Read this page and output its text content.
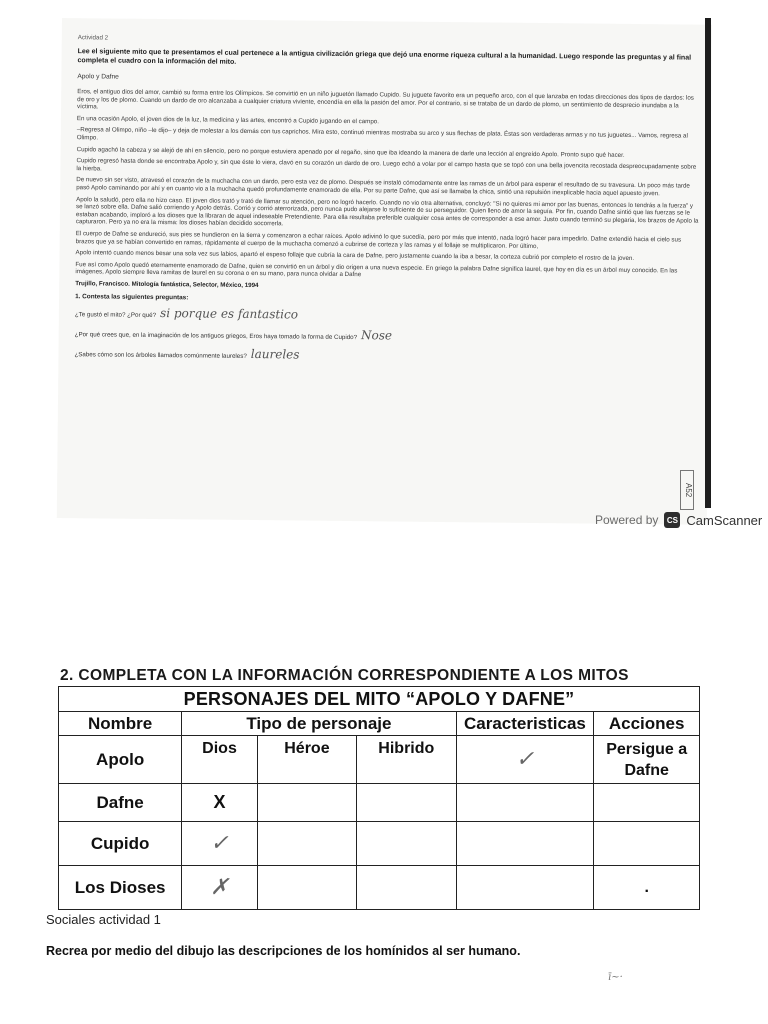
Actividad 2
Lee el siguiente mito que te presentamos el cual pertenece a la antigua civilización griega que dejó una enorme riqueza cultural a la humanidad. Luego responde las preguntas y al final completa el cuadro con la información del mito.
Apolo y Dafne

Eros, el antiguo dios del amor, cambió su forma entre los Olímpicos. Se convirtió en un niño juguetón llamado Cupido. Su juguete favorito era un pequeño arco, con el que lanzaba en todas direcciones dos tipos de dardos: los de oro y los de plomo. Cuando un dardo de oro alcanzaba a cualquier criatura viviente, encendía en ella la pasión del amor. Por el contrario, si se trataba de un dardo de plomo, un sentimiento de desprecio inundaba a la víctima.

En una ocasión Apolo, el joven dios de la luz, la medicina y las artes, encontró a Cupido jugando en el campo.

–Regresa al Olimpo, niño –le dijo– y deja de molestar a los demás con tus caprichos. Mira esto, continuó mientras mostraba su arco y sus flechas de plata. Éstas son verdaderas armas y no tus juguetes... Vamos, regresa al Olimpo.

Cupido agachó la cabeza y se alejó de ahí en silencio, pero no porque estuviera apenado por el regaño, sino que iba ideando la manera de darle una lección al engreído Apolo. Pronto supo qué hacer.

Cupido regresó hasta donde se encontraba Apolo y, sin que éste lo viera, clavó en su corazón un dardo de oro. Luego echó a volar por el campo hasta que se topó con una bella jovencita recostada despreocupadamente sobre la hierba.

De nuevo sin ser visto, atravesó el corazón de la muchacha con un dardo, pero esta vez de plomo. Después se instaló cómodamente entre las ramas de un árbol para esperar el resultado de su travesura. Un poco más tarde pasó Apolo caminando por ahí y en cuanto vio a la muchacha quedó profundamente enamorado de ella. Por su parte Dafne, que así se llamaba la chica, sintió una repulsión inexplicable hacia aquel apuesto joven.

Apolo la saludó, pero ella no hizo caso. El joven dios trató y trató de llamar su atención, pero no logró hacerlo. Cuando no vio otra alternativa, concluyó: "Si no quieres mi amor por las buenas, entonces lo tendrás a la fuerza" y se lanzó sobre ella. Dafne salió corriendo y Apolo detrás. Corrió y corrió aterrorizada, pero nunca pudo alejarse lo suficiente de su perseguidor. Quien lleno de amor la seguía. Por fin, cuando Dafne sintió que las fuerzas se le estaban acabando, imploró a los dioses que la libraran de aquel indeseable Pretendiente. Para ella resultaba preferible cualquier cosa antes de corresponder a ese amor. Justo cuando terminó su plegaria, los brazos de Apolo la capturaron. Pero ya no era la misma: los dioses habían decidido socorrerla.

El cuerpo de Dafne se endureció, sus pies se hundieron en la tierra y comenzaron a echar raíces. Apolo adivinó lo que sucedía, pero por más que intentó, nada logró hacer para impedirlo. Dafne extendió hacia el cielo sus brazos que ya se habían convertido en ramas, rápidamente el cuerpo de la muchacha comenzó a cubrirse de corteza y las ramas y el follaje se multiplicaron. Por último,

Apolo intentó cuando menos besar una sola vez sus labios, apartó el espeso follaje que cubría la cara de Dafne, pero justamente cuando la iba a besar, la corteza cubrió por completo el rostro de la joven.

Fue así como Apolo quedó eternamente enamorado de Dafne, quien se convirtió en un árbol y dio origen a una nueva especie. En griego la palabra Dafne significa laurel, que hoy en día es un árbol muy conocido. En las imágenes, Apolo siempre lleva ramitas de laurel en su corona o en su mano, para nunca olvidar a Dafne

Trujillo, Francisco. Mitología fantástica, Selector, México, 1994
1. Contesta las siguientes preguntas:
¿Te gustó el mito? ¿Por qué? si porque es fantastico
¿Por qué crees que, en la imaginación de los antiguos griegos, Eros haya tomado la forma de Cupido? Nose
¿Sabes cómo son los árboles llamados comúnmente laureles? laureles
A52
Powered by	CS CamScanner
2. COMPLETA CON LA INFORMACIÓN CORRESPONDIENTE A LOS MITOS
PERSONAJES DEL MITO “APOLO Y DAFNE”					
Nombre	Tipo de personaje			Caracteristicas	Acciones
Apolo	Dios	Héroe	Hibrido	✓	Persigue a Dafne
Dafne	X				
Cupido	✓				
Los Dioses	✗				.
Sociales actividad 1
Recrea por medio del dibujo las descripciones de los homínidos al ser humano.
ī~·
